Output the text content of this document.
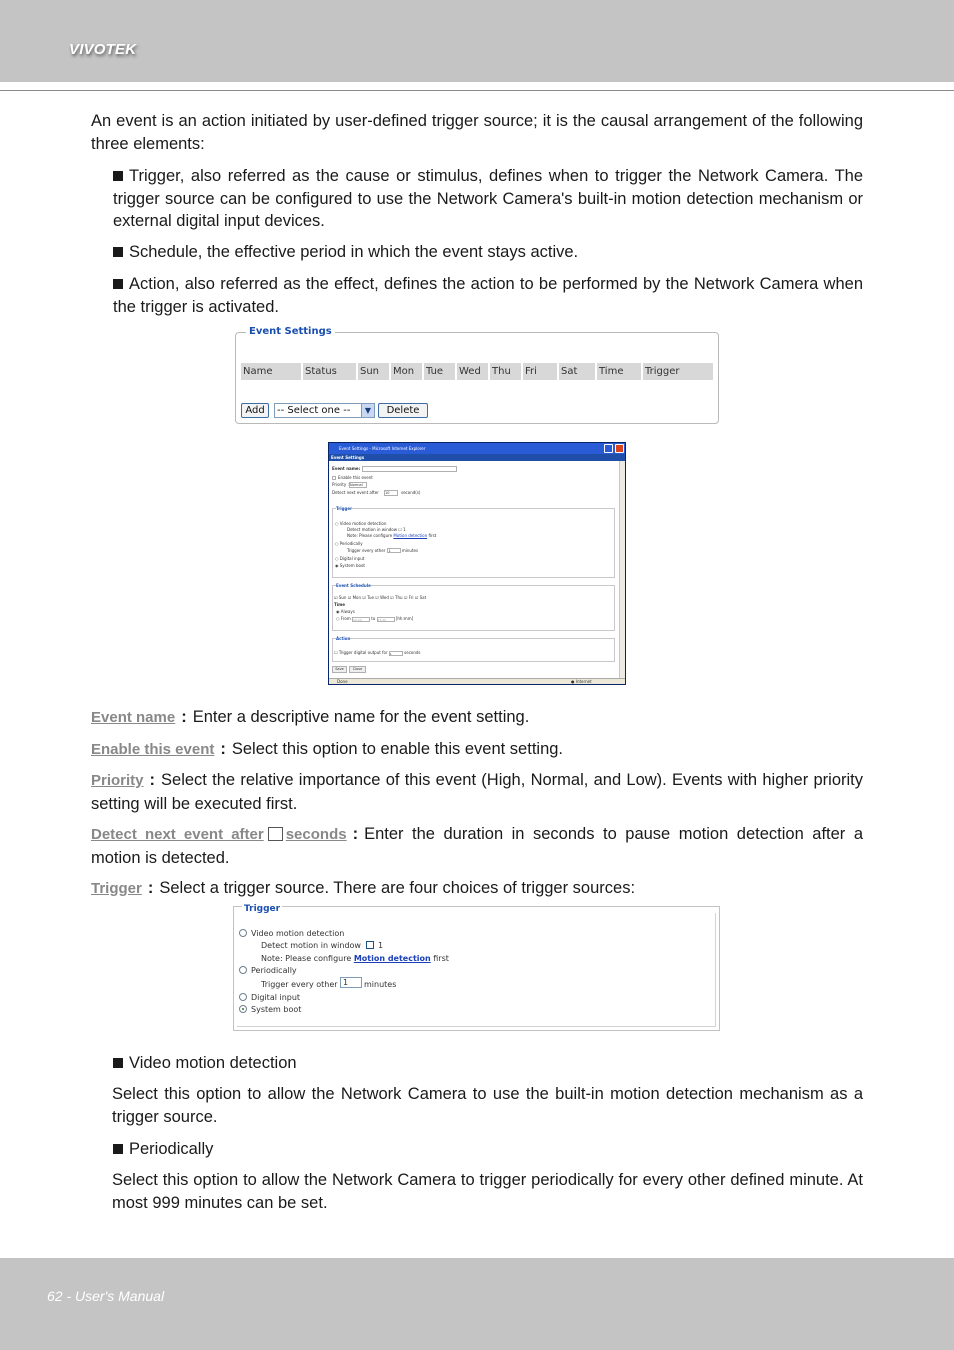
VIVOTEK
An event is an action initiated by user-defined trigger source; it is the causal arrangement of the following three elements:
Trigger, also referred as the cause or stimulus, defines when to trigger the Network Camera. The trigger source can be configured to use the Network Camera's built-in motion detection mechanism or external digital input devices.
Schedule, the effective period in which the event stays active.
Action, also referred as the effect, defines the action to be performed by the Network Camera when the trigger is activated.
Event Settings
Name	Status	Sun	Mon	Tue	Wed	Thu	Fri	Sat	Time	Trigger
Add	-- Select one --	▼	Delete
Event Settings - Microsoft Internet Explorer
Event Settings
Event name:
Enable this event
Priority : Normal
Detect next event after 10	second(s)
Trigger
○ Video motion detection
Detect motion in window ☐ 1
Note: Please configure Motion detection first
○ Periodically
Trigger every other 1	minutes
○ Digital input
◉ System boot
Event Schedule
☑ Sun ☑ Mon ☑ Tue ☑ Wed ☑ Thu ☑ Fri ☑ Sat
Time
◉ Always
○ From 00:00 to 24:00 [hh:mm]
Action
☐ Trigger digital output for 1	seconds
Save	Close
Done	● Internet
Event name : Enter a descriptive name for the event setting.
Enable this event : Select this option to enable this event setting.
Priority : Select the relative importance of this event (High, Normal, and Low). Events with higher priority setting will be executed first.
Detect next event after seconds : Enter the duration in seconds to pause motion detection after a motion is detected.
Trigger : Select a trigger source. There are four choices of trigger sources:
Trigger
Video motion detection
Detect motion in window 1
Note: Please configure Motion detection first
Periodically
Trigger every other 1	minutes
Digital input
System boot
Video motion detection
Select this option to allow the Network Camera to use the built-in motion detection mechanism as a trigger source.
Periodically
Select this option to allow the Network Camera to trigger periodically for every other defined minute. At most 999 minutes can be set.
62 - User's Manual
